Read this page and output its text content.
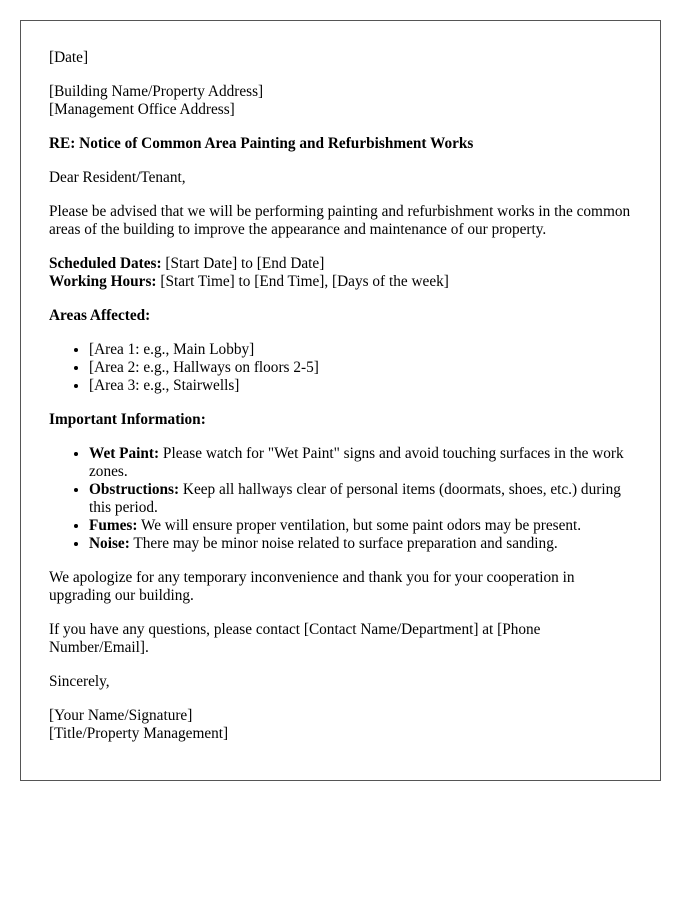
[Date]

[Building Name/Property Address]
[Management Office Address]

RE: Notice of Common Area Painting and Refurbishment Works

Dear Resident/Tenant,

Please be advised that we will be performing painting and refurbishment works in the common areas of the building to improve the appearance and maintenance of our property.

Scheduled Dates: [Start Date] to [End Date]
Working Hours: [Start Time] to [End Time], [Days of the week]

Areas Affected:

• [Area 1: e.g., Main Lobby]
• [Area 2: e.g., Hallways on floors 2-5]
• [Area 3: e.g., Stairwells]

Important Information:

• Wet Paint: Please watch for "Wet Paint" signs and avoid touching surfaces in the work zones.
• Obstructions: Keep all hallways clear of personal items (doormats, shoes, etc.) during this period.
• Fumes: We will ensure proper ventilation, but some paint odors may be present.
• Noise: There may be minor noise related to surface preparation and sanding.

We apologize for any temporary inconvenience and thank you for your cooperation in upgrading our building.

If you have any questions, please contact [Contact Name/Department] at [Phone Number/Email].

Sincerely,

[Your Name/Signature]
[Title/Property Management]
